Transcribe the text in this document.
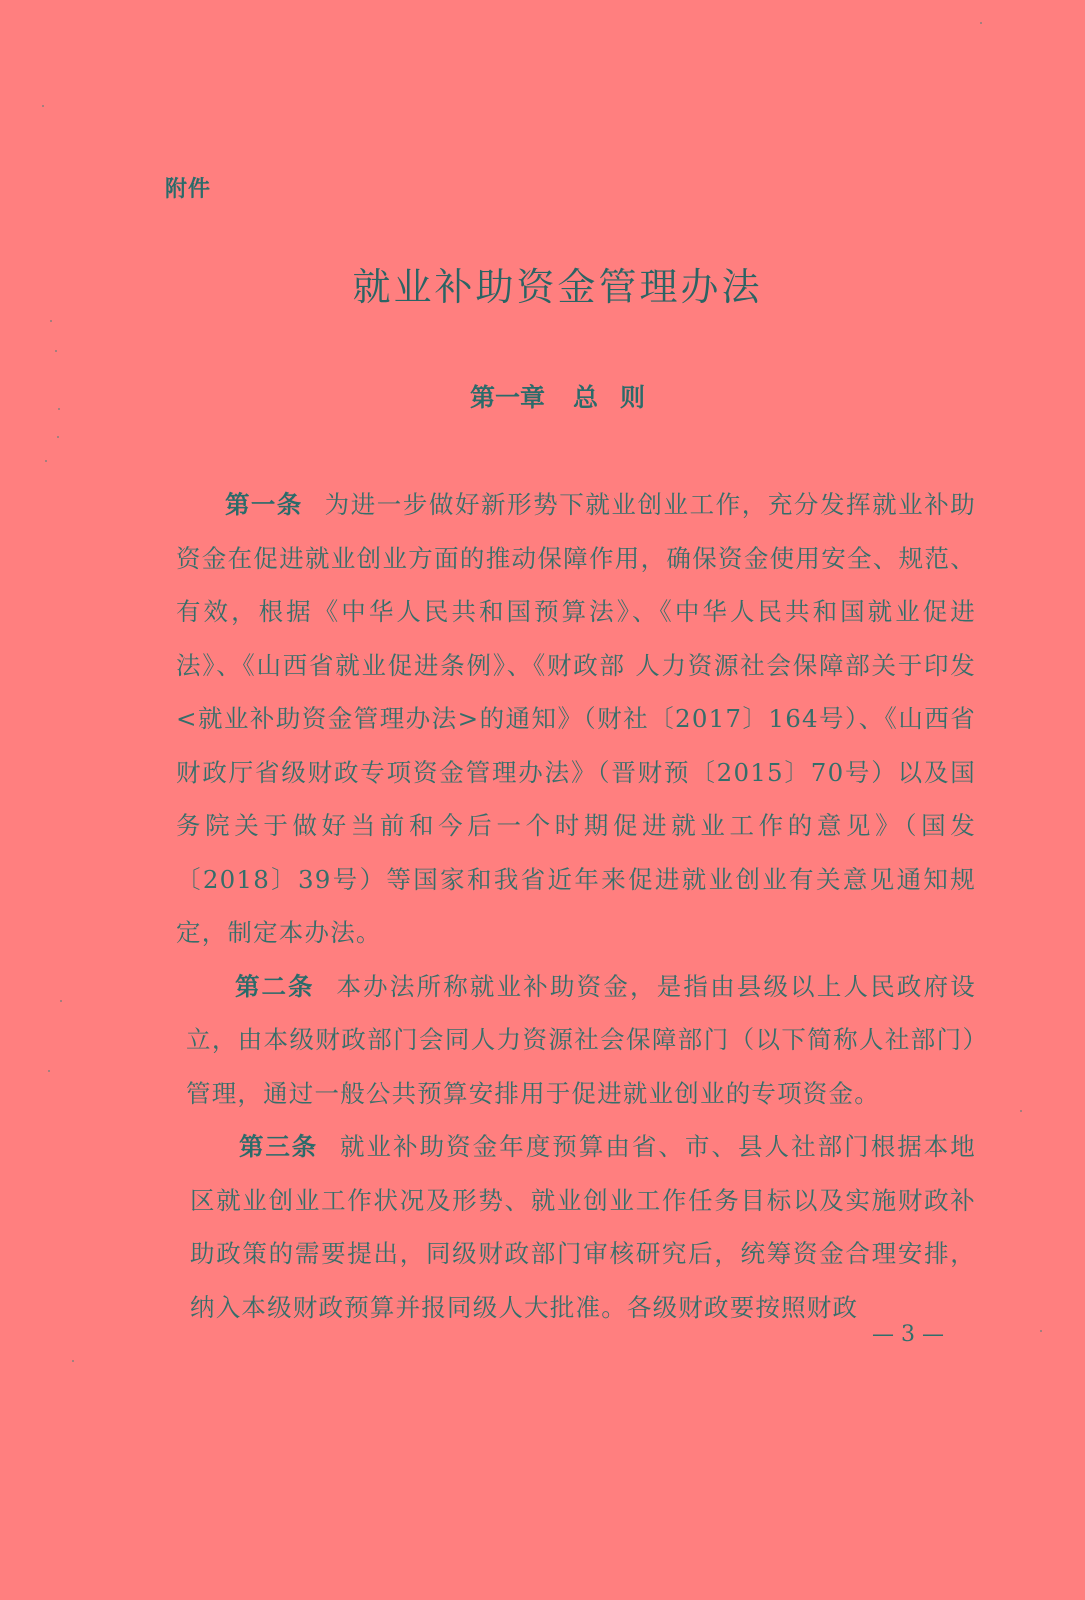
附件
就业补助资金管理办法
第一章 总 则

第一条 为进一步做好新形势下就业创业工作，充分发挥就业补助资金在促进就业创业方面的推动保障作用，确保资金使用安全、规范、有效，根据《中华人民共和国预算法》、《中华人民共和国就业促进法》、《山西省就业促进条例》、《财政部 人力资源社会保障部关于印发<就业补助资金管理办法>的通知》（财社〔2017〕164号）、《山西省财政厅省级财政专项资金管理办法》（晋财预〔2015〕70号）以及国务院关于做好当前和今后一个时期促进就业工作的意见》（国发〔2018〕39号）等国家和我省近年来促进就业创业有关意见通知规定，制定本办法。

第二条 本办法所称就业补助资金，是指由县级以上人民政府设立，由本级财政部门会同人力资源社会保障部门（以下简称人社部门）管理，通过一般公共预算安排用于促进就业创业的专项资金。

第三条 就业补助资金年度预算由省、市、县人社部门根据本地区就业创业工作状况及形势、就业创业工作任务目标以及实施财政补助政策的需要提出，同级财政部门审核研究后，统筹资金合理安排，纳入本级财政预算并报同级人大批准。各级财政要按照财政

— 3 —
